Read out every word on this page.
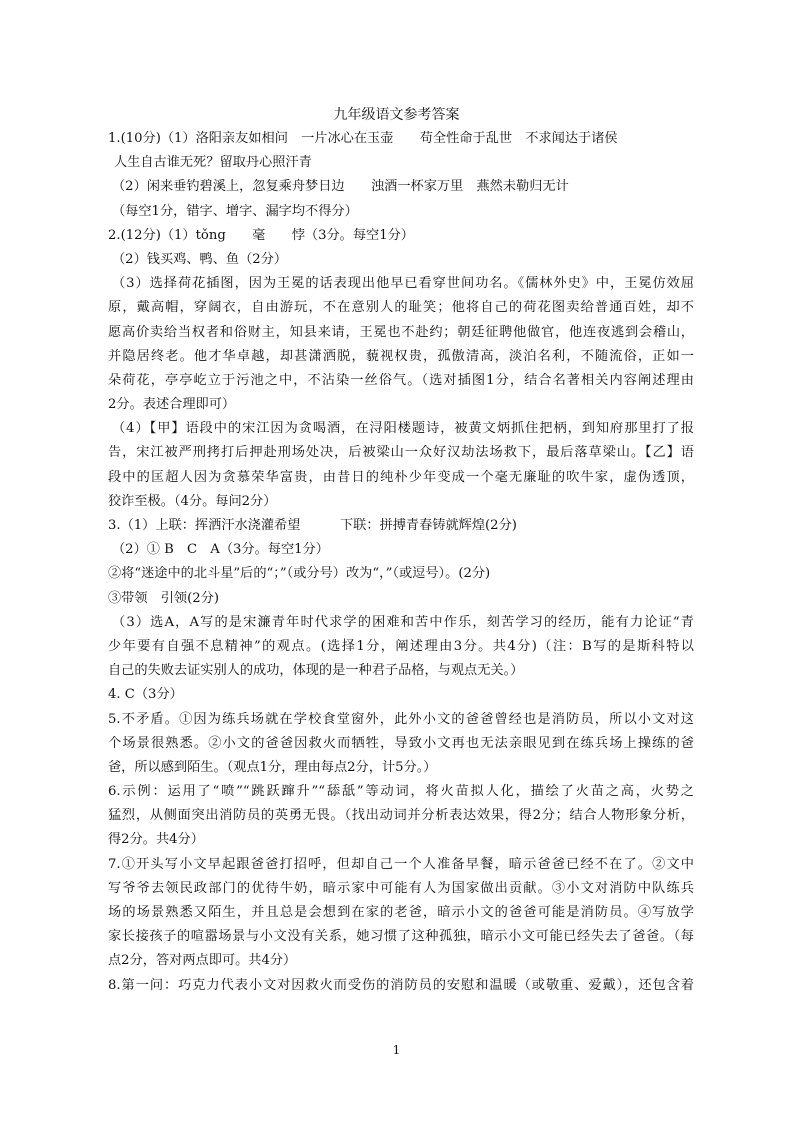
九年级语文参考答案
1.(10分)（1）洛阳亲友如相问　一片冰心在玉壶　　苟全性命于乱世　不求闻达于诸侯
人生自古谁无死？留取丹心照汗青
（2）闲来垂钓碧溪上，忽复乘舟梦日边　　浊酒一杯家万里　燕然未勒归无计
（每空1分，错字、增字、漏字均不得分）
2.(12分)（1）tǒng　　毫　　悖（3分。每空1分）
（2）钱买鸡、鸭、鱼（2分）
（3）选择荷花插图，因为王冕的话表现出他早已看穿世间功名。《儒林外史》中，王冕仿效屈
原，戴高帽，穿阔衣，自由游玩，不在意别人的耻笑；他将自己的荷花图卖给普通百姓，却不
愿高价卖给当权者和俗财主，知县来请，王冕也不赴约；朝廷征聘他做官，他连夜逃到会稽山，
并隐居终老。他才华卓越，却甚潇洒脱，藐视权贵，孤傲清高，淡泊名利，不随流俗，正如一
朵荷花，亭亭屹立于污池之中，不沾染一丝俗气。（选对插图1分，结合名著相关内容阐述理由
2分。表述合理即可）
（4）【甲】语段中的宋江因为贪喝酒，在浔阳楼题诗，被黄文炳抓住把柄，到知府那里打了报
告，宋江被严刑拷打后押赴刑场处决，后被梁山一众好汉劫法场救下，最后落草梁山。【乙】语
段中的匡超人因为贪慕荣华富贵，由昔日的纯朴少年变成一个毫无廉耻的吹牛家，虚伪透顶，
狡诈至极。（4分。每问2分）
3.（1）上联：挥洒汗水浇灌希望　　　下联：拼搏青春铸就辉煌(2分)
（2）① B　C　A（3分。每空1分）
②将“迷途中的北斗星”后的“；”（或分号）改为“，”（或逗号）。(2分)
③带领　引领(2分)
（3）选A，A写的是宋濂青年时代求学的困难和苦中作乐，刻苦学习的经历，能有力论证“青
少年要有自强不息精神”的观点。(选择1分，阐述理由3分。共4分)（注：B写的是斯科特以
自己的失败去证实别人的成功，体现的是一种君子品格，与观点无关。）
4. C（3分）
5.不矛盾。①因为练兵场就在学校食堂窗外，此外小文的爸爸曾经也是消防员，所以小文对这
个场景很熟悉。②小文的爸爸因救火而牺牲，导致小文再也无法亲眼见到在练兵场上操练的爸
爸，所以感到陌生。（观点1分，理由每点2分，计5分。）
6.示例：运用了“喷”“跳跃蹿升”“舔舐”等动词，将火苗拟人化，描绘了火苗之高，火势之
猛烈，从侧面突出消防员的英勇无畏。（找出动词并分析表达效果，得2分；结合人物形象分析，
得2分。共4分）
7.①开头写小文早起跟爸爸打招呼，但却自己一个人准备早餐，暗示爸爸已经不在了。②文中
写爷爷去领民政部门的优待牛奶，暗示家中可能有人为国家做出贡献。③小文对消防中队练兵
场的场景熟悉又陌生，并且总是会想到在家的老爸，暗示小文的爸爸可能是消防员。④写放学
家长接孩子的喧嚣场景与小文没有关系，她习惯了这种孤独，暗示小文可能已经失去了爸爸。（每
点2分，答对两点即可。共4分）
8.第一问：巧克力代表小文对因救火而受伤的消防员的安慰和温暖（或敬重、爱戴），还包含着
1
